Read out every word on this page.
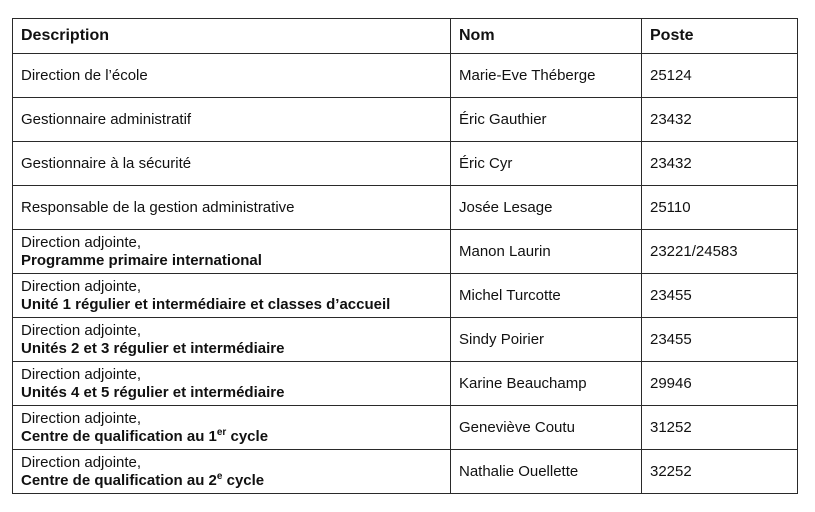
Description	Nom	Poste

Direction de l’école	Marie-Eve Théberge	25124

Gestionnaire administratif	Éric Gauthier	23432

Gestionnaire à la sécurité	Éric Cyr	23432

Responsable de la gestion administrative	Josée Lesage	25110

Direction adjointe,
Programme primaire international	Manon Laurin	23221/24583

Direction adjointe,
Unité 1 régulier et intermédiaire et classes d’accueil	Michel Turcotte	23455

Direction adjointe,
Unités 2 et 3 régulier et intermédiaire	Sindy Poirier	23455

Direction adjointe,
Unités 4 et 5 régulier et intermédiaire	Karine Beauchamp	29946

Direction adjointe,
Centre de qualification au 1er cycle	Geneviève Coutu	31252

Direction adjointe,
Centre de qualification au 2e cycle	Nathalie Ouellette	32252
